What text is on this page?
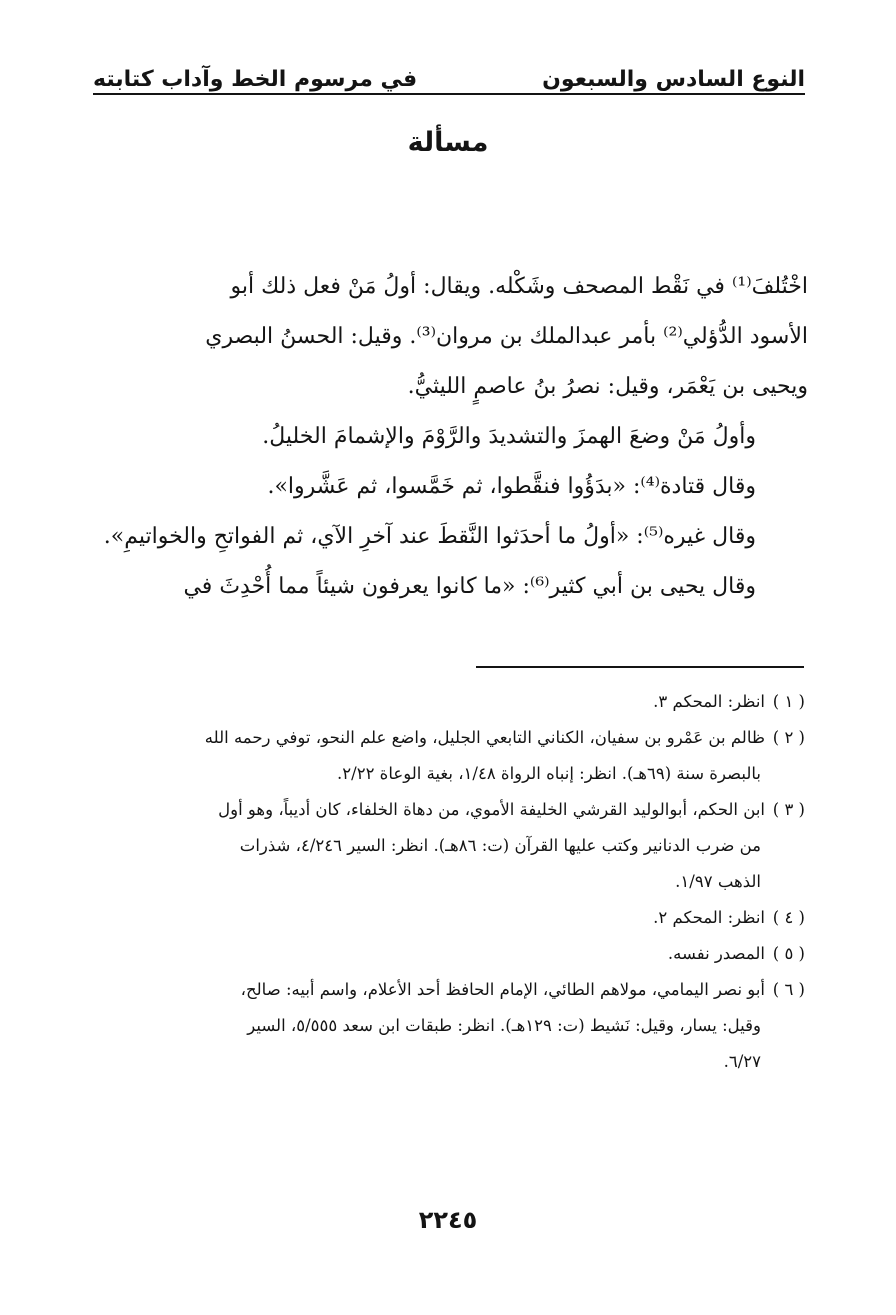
النوع السادس والسبعون
في مرسوم الخط وآداب كتابته
مسألة

اخْتُلفَ⁽¹⁾ في نَقْط المصحف وشَكْله. ويقال: أولُ مَنْ فعل ذلك أبو

الأسود الدُّؤلي⁽²⁾ بأمر عبدالملك بن مروان⁽³⁾. وقيل: الحسنُ البصري

ويحيى بن يَعْمَر، وقيل: نصرُ بنُ عاصمٍ الليثيُّ.

وأولُ مَنْ وضعَ الهمزَ والتشديدَ والرَّوْمَ والإشمامَ الخليلُ.

وقال قتادة⁽⁴⁾: «بدَؤُوا فنقَّطوا، ثم خَمَّسوا، ثم عَشَّروا».

وقال غيره⁽⁵⁾: «أولُ ما أحدَثوا النَّقطَ عند آخرِ الآي، ثم الفواتحِ والخواتيمِ».

وقال يحيى بن أبي كثير⁽⁶⁾: «ما كانوا يعرفون شيئاً مما أُحْدِثَ في

( ١ )انظر: المحكم ٣.
( ٢ )ظالم بن عَمْرو بن سفيان، الكناني التابعي الجليل، واضع علم النحو، توفي رحمه الله
بالبصرة سنة (٦٩هـ). انظر: إنباه الرواة ١/٤٨، بغية الوعاة ٢/٢٢.
( ٣ )ابن الحكم، أبوالوليد القرشي الخليفة الأموي، من دهاة الخلفاء، كان أديباً، وهو أول
من ضرب الدنانير وكتب عليها القرآن (ت: ٨٦هـ). انظر: السير ٤/٢٤٦، شذرات
الذهب ١/٩٧.
( ٤ )انظر: المحكم ٢.
( ٥ )المصدر نفسه.
( ٦ )أبو نصر اليمامي، مولاهم الطائي، الإمام الحافظ أحد الأعلام، واسم أبيه: صالح،
وقيل: يسار، وقيل: نَشيط (ت: ١٢٩هـ). انظر: طبقات ابن سعد ٥/٥٥٥، السير
٦/٢٧.
٢٢٤٥
